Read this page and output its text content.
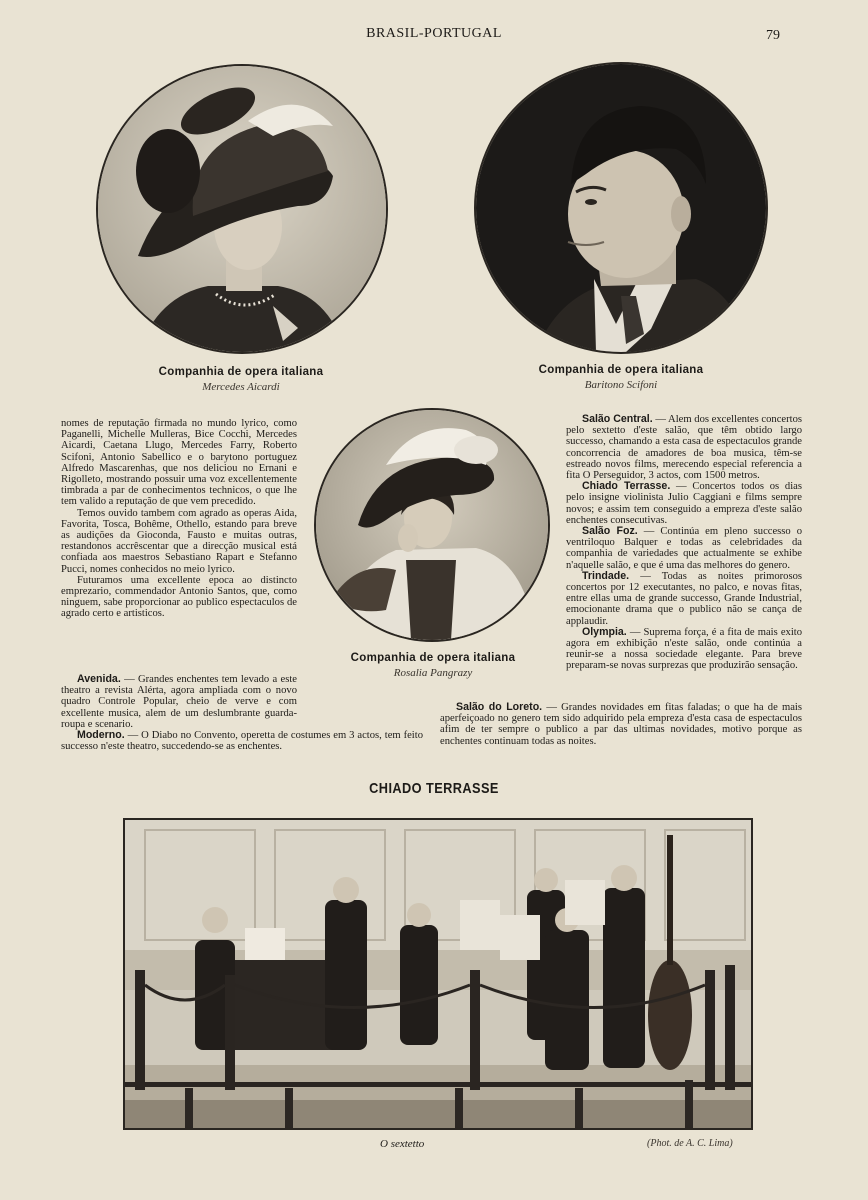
BRASIL-PORTUGAL	79
Companhia de opera italiana
Mercedes Aicardi
Companhia de opera italiana
Baritono Scifoni
Companhia de opera italiana
Rosalia Pangrazy

nomes de reputação firmada no mundo lyrico, como Paganelli, Michelle Mulleras, Bice Cocchi, Mercedes Aicardi, Caetana Llugo, Mercedes Farry, Roberto Scifoni, Antonio Sabellico e o barytono portuguez Alfredo Mascarenhas, que nos deliciou no Ernani e Rigolleto, mostrando possuir uma voz excellentemente timbrada a par de conhecimentos technicos, o que lhe tem valido a reputação de que vem precedido.

Temos ouvido tambem com agrado as operas Aida, Favorita, Tosca, Bohême, Othello, estando para breve as audições da Gioconda, Fausto e muitas outras, restandonos accrêscentar que a direcção musical está confiada aos maestros Sebastiano Rapart e Stefanno Pucci, nomes conhecidos no meio lyrico.

Futuramos uma excellente epoca ao distincto emprezario, commendador Antonio Santos, que, como ninguem, sabe proporcionar ao publico espectaculos de agrado certo e artisticos.

Avenida. — Grandes enchentes tem levado a este theatro a revista Alérta, agora ampliada com o novo quadro Controle Popular, cheio de verve e com excellente musica, alem de um deslumbrante guarda-roupa e scenario.

Moderno. — O Diabo no Convento, operetta de costumes em 3 actos, tem feito successo n'este theatro, succedendo-se as enchentes.

Salão Central. — Alem dos excellentes concertos pelo sextetto d'este salão, que têm obtido largo successo, chamando a esta casa de espectaculos grande concorrencia de amadores de boa musica, têm-se estreado novos films, merecendo especial referencia a fita O Perseguidor, 3 actos, com 1500 metros.

Chiado Terrasse. — Concertos todos os dias pelo insigne violinista Julio Caggiani e films sempre novos; e assim tem conseguido a empreza d'este salão enchentes consecutivas.

Salão Foz. — Continúa em pleno successo o ventriloquo Balquer e todas as celebridades da companhia de variedades que actualmente se exhibe n'aquelle salão, e que é uma das melhores do genero.

Trindade. — Todas as noites primorosos concertos por 12 executantes, no palco, e novas fitas, entre ellas uma de grande successo, Grande Industrial, emocionante drama que o publico não se cança de applaudir.

Olympia. — Suprema força, é a fita de mais exito agora em exhibição n'este salão, onde continúa a reunir-se a nossa sociedade elegante. Para breve preparam-se novas surprezas que produzirão sensação.

Salão do Loreto. — Grandes novidades em fitas faladas; o que ha de mais aperfeiçoado no genero tem sido adquirido pela empreza d'esta casa de espectaculos afim de ter sempre o publico a par das ultimas novidades, motivo porque as enchentes continuam todas as noites.

CHIADO TERRASSE
O sextetto	(Phot. de A. C. Lima)
